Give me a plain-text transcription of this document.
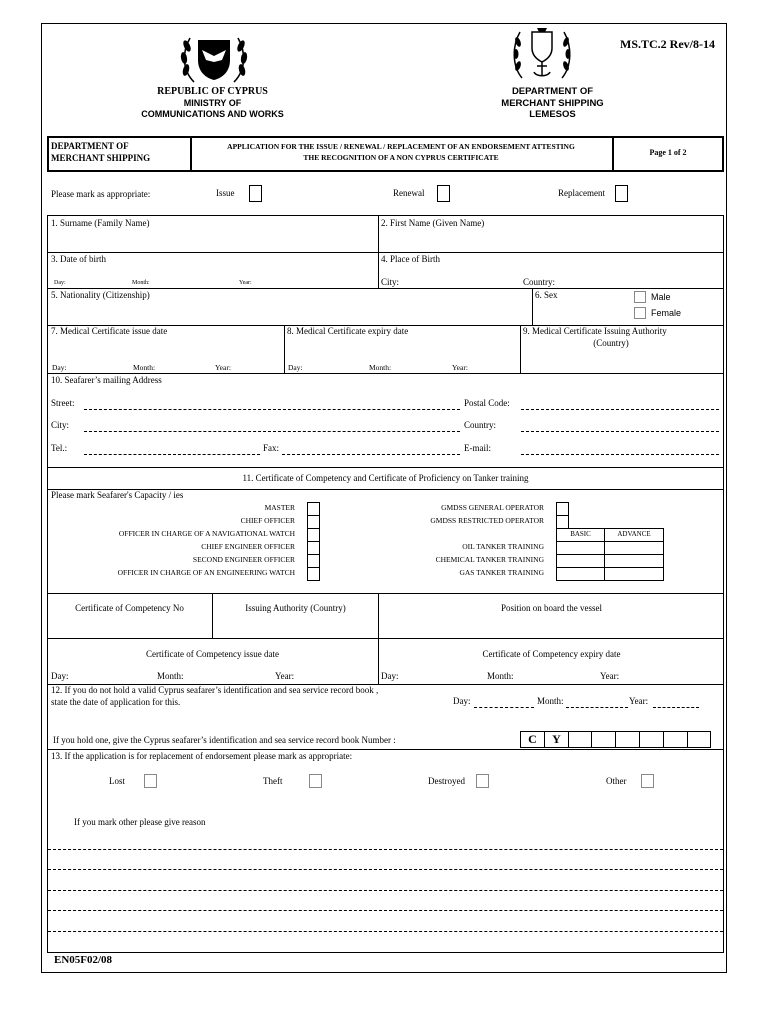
MS.TC.2 Rev/8-14
REPUBLIC OF CYPRUS
MINISTRY OF
COMMUNICATIONS AND WORKS
DEPARTMENT OF
MERCHANT SHIPPING
LEMESOS
DEPARTMENT OF
MERCHANT SHIPPING
APPLICATION FOR THE ISSUE / RENEWAL / REPLACEMENT OF AN ENDORSEMENT ATTESTING
THE RECOGNITION OF A NON CYPRUS CERTIFICATE
Page 1 of 2
Please mark as appropriate:	Issue	Renewal	Replacement
1. Surname (Family Name)	2. First Name (Given Name)
3. Date of birth	4. Place of Birth
Day:	Month:	Year:	City:	Country:
5. Nationality (Citizenship)	6. Sex	Male
Female
7. Medical Certificate issue date	8. Medical Certificate expiry date	9. Medical Certificate Issuing Authority
(Country)
Day:	Month:	Year:	Day:	Month:	Year:
10. Seafarer’s mailing Address
Street:	Postal Code:
City:	Country:
Tel.:	Fax:	E-mail:
11. Certificate of Competency and Certificate of Proficiency on Tanker training
Please mark Seafarer's Capacity / ies
MASTER
CHIEF OFFICER
OFFICER IN CHARGE OF A NAVIGATIONAL WATCH
CHIEF ENGINEER OFFICER
SECOND ENGINEER OFFICER
OFFICER IN CHARGE OF AN ENGINEERING WATCH
GMDSS GENERAL OPERATOR
GMDSS RESTRICTED OPERATOR
BASIC	ADVANCE
OIL TANKER TRAINING
CHEMICAL TANKER TRAINING
GAS TANKER TRAINING
Certificate of Competency No	Issuing Authority (Country)	Position on board the vessel
Certificate of Competency issue date	Certificate of Competency expiry date
Day:	Month:	Year:	Day:	Month:	Year:
12. If you do not hold a valid Cyprus seafarer’s identification and sea service record book ,
state the date of application for this.	Day:	Month:	Year:
If you hold one, give the Cyprus seafarer’s identification and sea service record book Number :	C	Y
13. If the application is for replacement of endorsement please mark as appropriate:
Lost	Theft	Destroyed	Other
If you mark other please give reason
EN05F02/08
